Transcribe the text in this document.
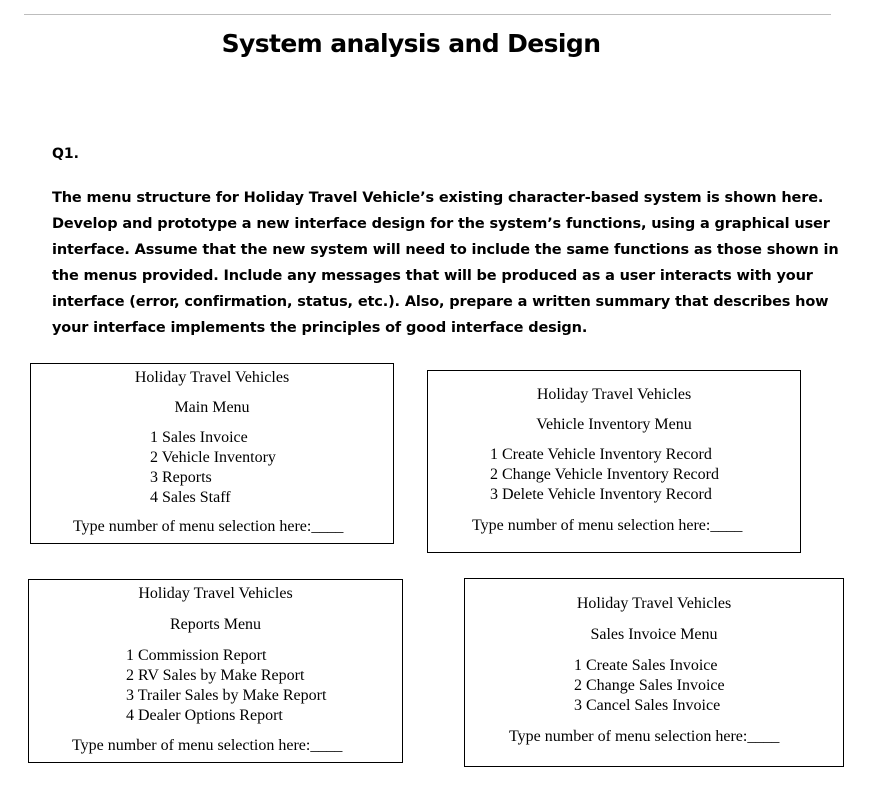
System analysis and Design
Q1.
The menu structure for Holiday Travel Vehicle’s existing character-based system is shown here.
Develop and prototype a new interface design for the system’s functions, using a graphical user
interface. Assume that the new system will need to include the same functions as those shown in
the menus provided. Include any messages that will be produced as a user interacts with your
interface (error, confirmation, status, etc.). Also, prepare a written summary that describes how
your interface implements the principles of good interface design.
Holiday Travel Vehicles
Main Menu
1 Sales Invoice
2 Vehicle Inventory
3 Reports
4 Sales Staff
Type number of menu selection here:____
Holiday Travel Vehicles
Vehicle Inventory Menu
1 Create Vehicle Inventory Record
2 Change Vehicle Inventory Record
3 Delete Vehicle Inventory Record
Type number of menu selection here:____
Holiday Travel Vehicles
Reports Menu
1 Commission Report
2 RV Sales by Make Report
3 Trailer Sales by Make Report
4 Dealer Options Report
Type number of menu selection here:____
Holiday Travel Vehicles
Sales Invoice Menu
1 Create Sales Invoice
2 Change Sales Invoice
3 Cancel Sales Invoice
Type number of menu selection here:____
